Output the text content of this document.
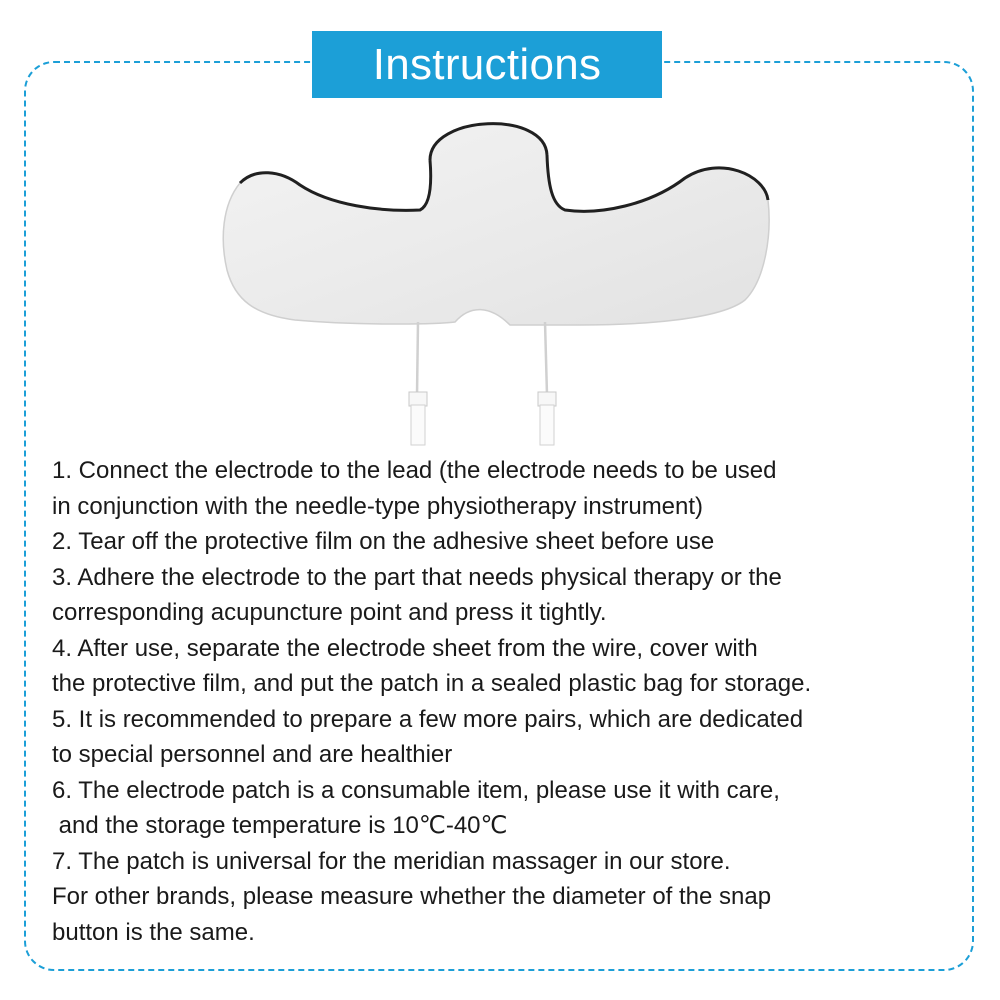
Instructions
1. Connect the electrode to the lead (the electrode needs to be used
in conjunction with the needle-type physiotherapy instrument)
2. Tear off the protective film on the adhesive sheet before use
3. Adhere the electrode to the part that needs physical therapy or the
corresponding acupuncture point and press it tightly.
4. After use, separate the electrode sheet from the wire, cover with
the protective film, and put the patch in a sealed plastic bag for storage.
5. It is recommended to prepare a few more pairs, which are dedicated
to special personnel and are healthier
6. The electrode patch is a consumable item, please use it with care,
and the storage temperature is 10℃-40℃
7. The patch is universal for the meridian massager in our store.
For other brands, please measure whether the diameter of the snap
button is the same.
